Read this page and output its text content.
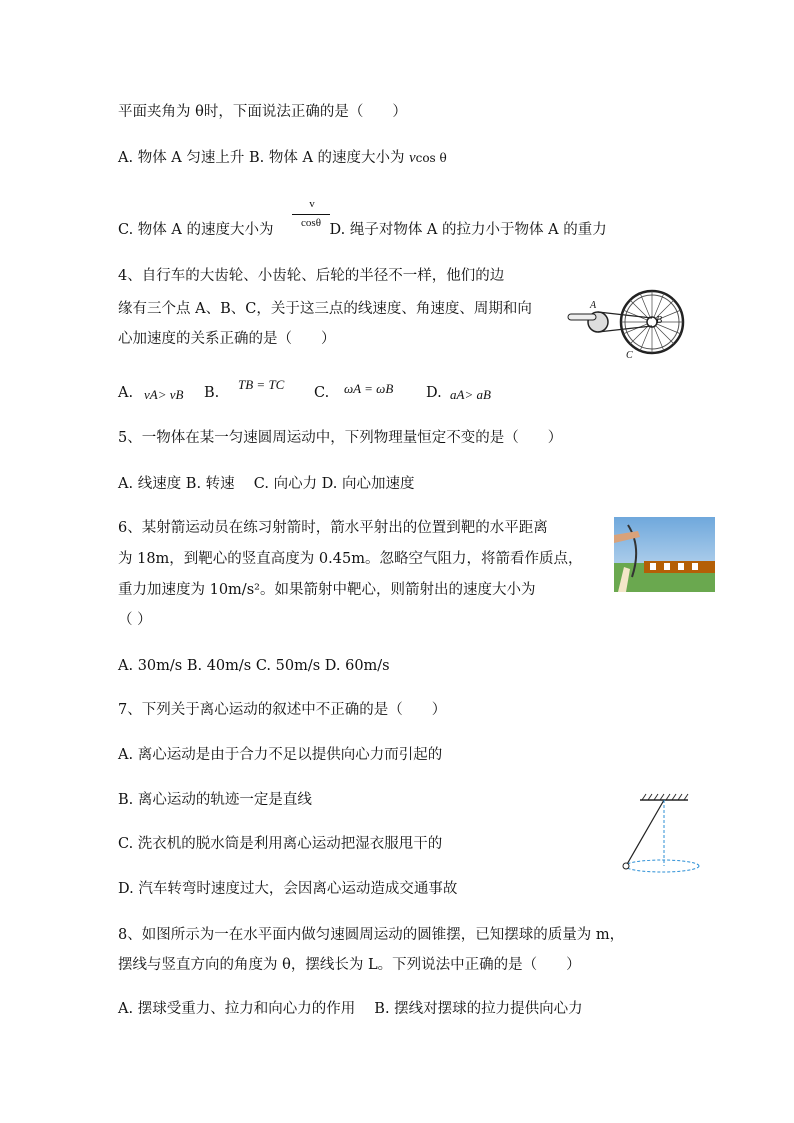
平面夹角为 θ时，下面说法正确的是（　　）
A. 物体 A 匀速上升 B. 物体 A 的速度大小为 vcos θ
C. 物体 A 的速度大小为	D. 绳子对物体 A 的拉力小于物体 A 的重力
v
cosθ
4、自行车的大齿轮、小齿轮、后轮的半径不一样，他们的边
缘有三个点 A、B、C，关于这三点的线速度、角速度、周期和向
心加速度的关系正确的是（　　）
A
B
C
A. vA> vB B.
TB = TC
C. ωA = ωB D. aA> aB
5、一物体在某一匀速圆周运动中，下列物理量恒定不变的是（　　）
A. 线速度 B. 转速　 C. 向心力 D. 向心加速度
6、某射箭运动员在练习射箭时，箭水平射出的位置到靶的水平距离
为 18m，到靶心的竖直高度为 0.45m。忽略空气阻力，将箭看作质点，
重力加速度为 10m/s²。如果箭射中靶心，则箭射出的速度大小为
（ ）
A. 30m/s B. 40m/s C. 50m/s D. 60m/s
7、下列关于离心运动的叙述中不正确的是（　　）
A. 离心运动是由于合力不足以提供向心力而引起的
B. 离心运动的轨迹一定是直线
C. 洗衣机的脱水筒是利用离心运动把湿衣服甩干的
D. 汽车转弯时速度过大，会因离心运动造成交通事故
8、如图所示为一在水平面内做匀速圆周运动的圆锥摆，已知摆球的质量为 m，
摆线与竖直方向的角度为 θ，摆线长为 L。下列说法中正确的是（　　）
A. 摆球受重力、拉力和向心力的作用　 B. 摆线对摆球的拉力提供向心力
